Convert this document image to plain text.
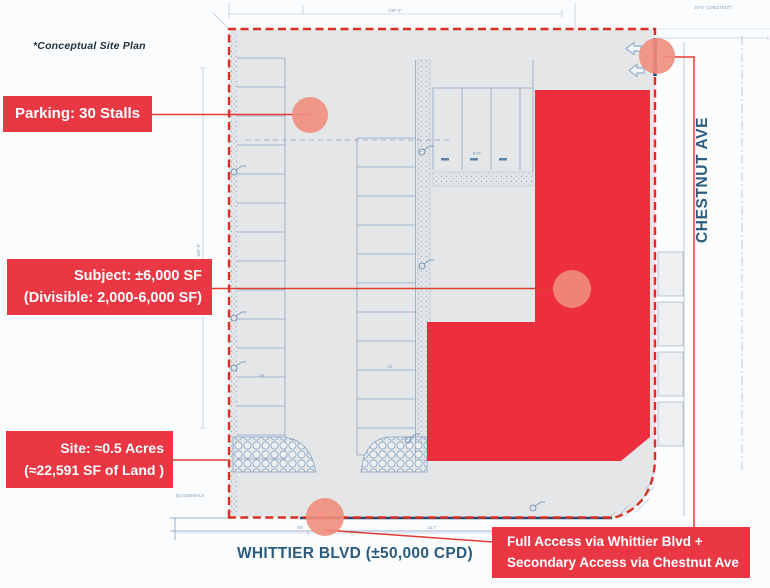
135'-0"
34'-0" (CHESTNUT)
162'-6"
50'	317'
28'
18'
9'-0"
(E) SIDEWALK
*Conceptual Site Plan
Parking: 30 Stalls
Subject: ±6,000 SF
(Divisible: 2,000-6,000 SF)
Site: ≈0.5 Acres
(≈22,591 SF of Land )
Full Access via Whittier Blvd +
Secondary Access via Chestnut Ave
WHITTIER BLVD (±50,000 CPD)
CHESTNUT AVE
